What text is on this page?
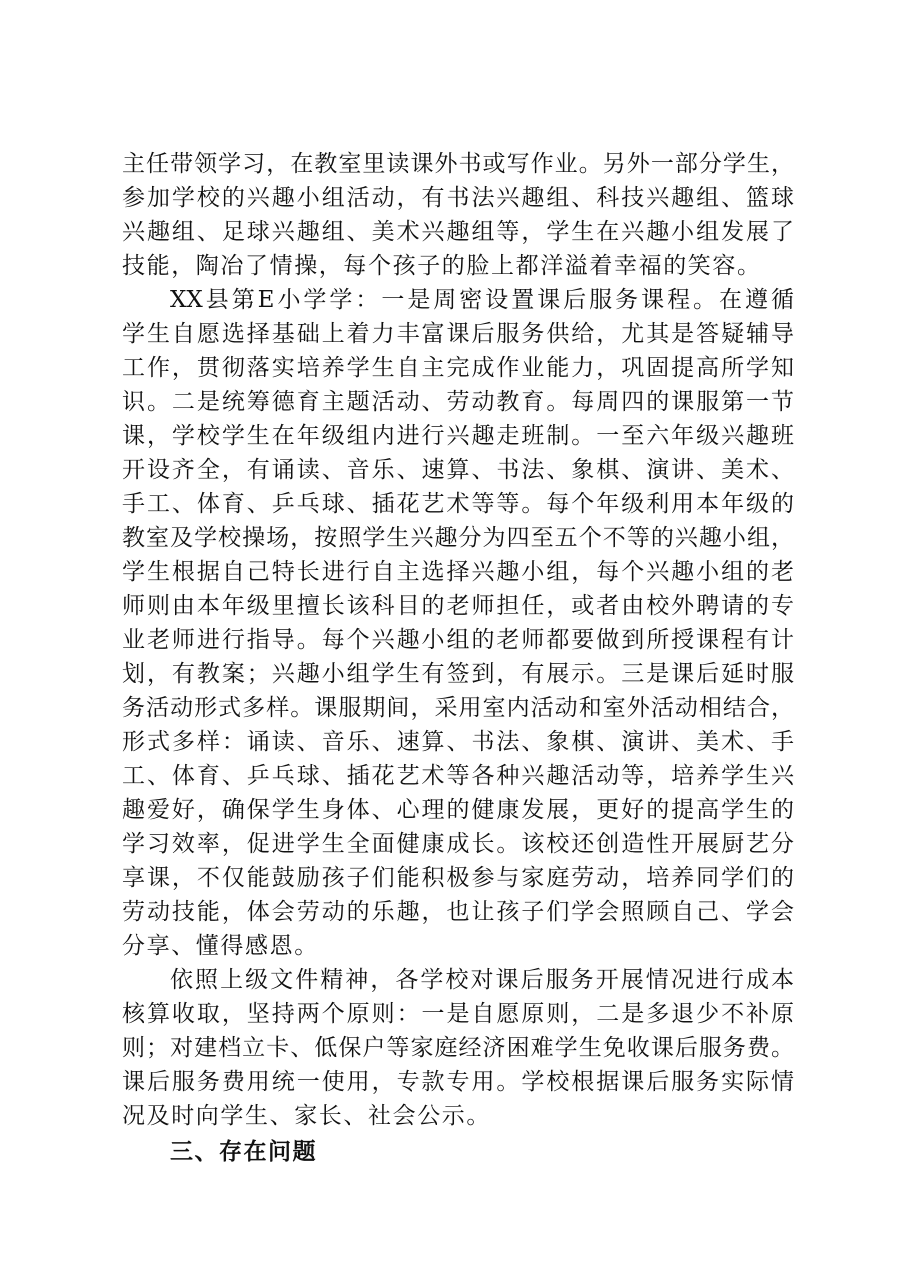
主任带领学习，在教室里读课外书或写作业。另外一部分学生，
参加学校的兴趣小组活动，有书法兴趣组、科技兴趣组、篮球
兴趣组、足球兴趣组、美术兴趣组等，学生在兴趣小组发展了
技能，陶冶了情操，每个孩子的脸上都洋溢着幸福的笑容。
XX县第E小学学：一是周密设置课后服务课程。在遵循
学生自愿选择基础上着力丰富课后服务供给，尤其是答疑辅导
工作，贯彻落实培养学生自主完成作业能力，巩固提高所学知
识。二是统筹德育主题活动、劳动教育。每周四的课服第一节
课，学校学生在年级组内进行兴趣走班制。一至六年级兴趣班
开设齐全，有诵读、音乐、速算、书法、象棋、演讲、美术、
手工、体育、乒乓球、插花艺术等等。每个年级利用本年级的
教室及学校操场，按照学生兴趣分为四至五个不等的兴趣小组，
学生根据自己特长进行自主选择兴趣小组，每个兴趣小组的老
师则由本年级里擅长该科目的老师担任，或者由校外聘请的专
业老师进行指导。每个兴趣小组的老师都要做到所授课程有计
划，有教案；兴趣小组学生有签到，有展示。三是课后延时服
务活动形式多样。课服期间，采用室内活动和室外活动相结合，
形式多样：诵读、音乐、速算、书法、象棋、演讲、美术、手
工、体育、乒乓球、插花艺术等各种兴趣活动等，培养学生兴
趣爱好，确保学生身体、心理的健康发展，更好的提高学生的
学习效率，促进学生全面健康成长。该校还创造性开展厨艺分
享课，不仅能鼓励孩子们能积极参与家庭劳动，培养同学们的
劳动技能，体会劳动的乐趣，也让孩子们学会照顾自己、学会
分享、懂得感恩。
依照上级文件精神，各学校对课后服务开展情况进行成本
核算收取，坚持两个原则：一是自愿原则，二是多退少不补原
则；对建档立卡、低保户等家庭经济困难学生免收课后服务费。
课后服务费用统一使用，专款专用。学校根据课后服务实际情
况及时向学生、家长、社会公示。
三、存在问题
